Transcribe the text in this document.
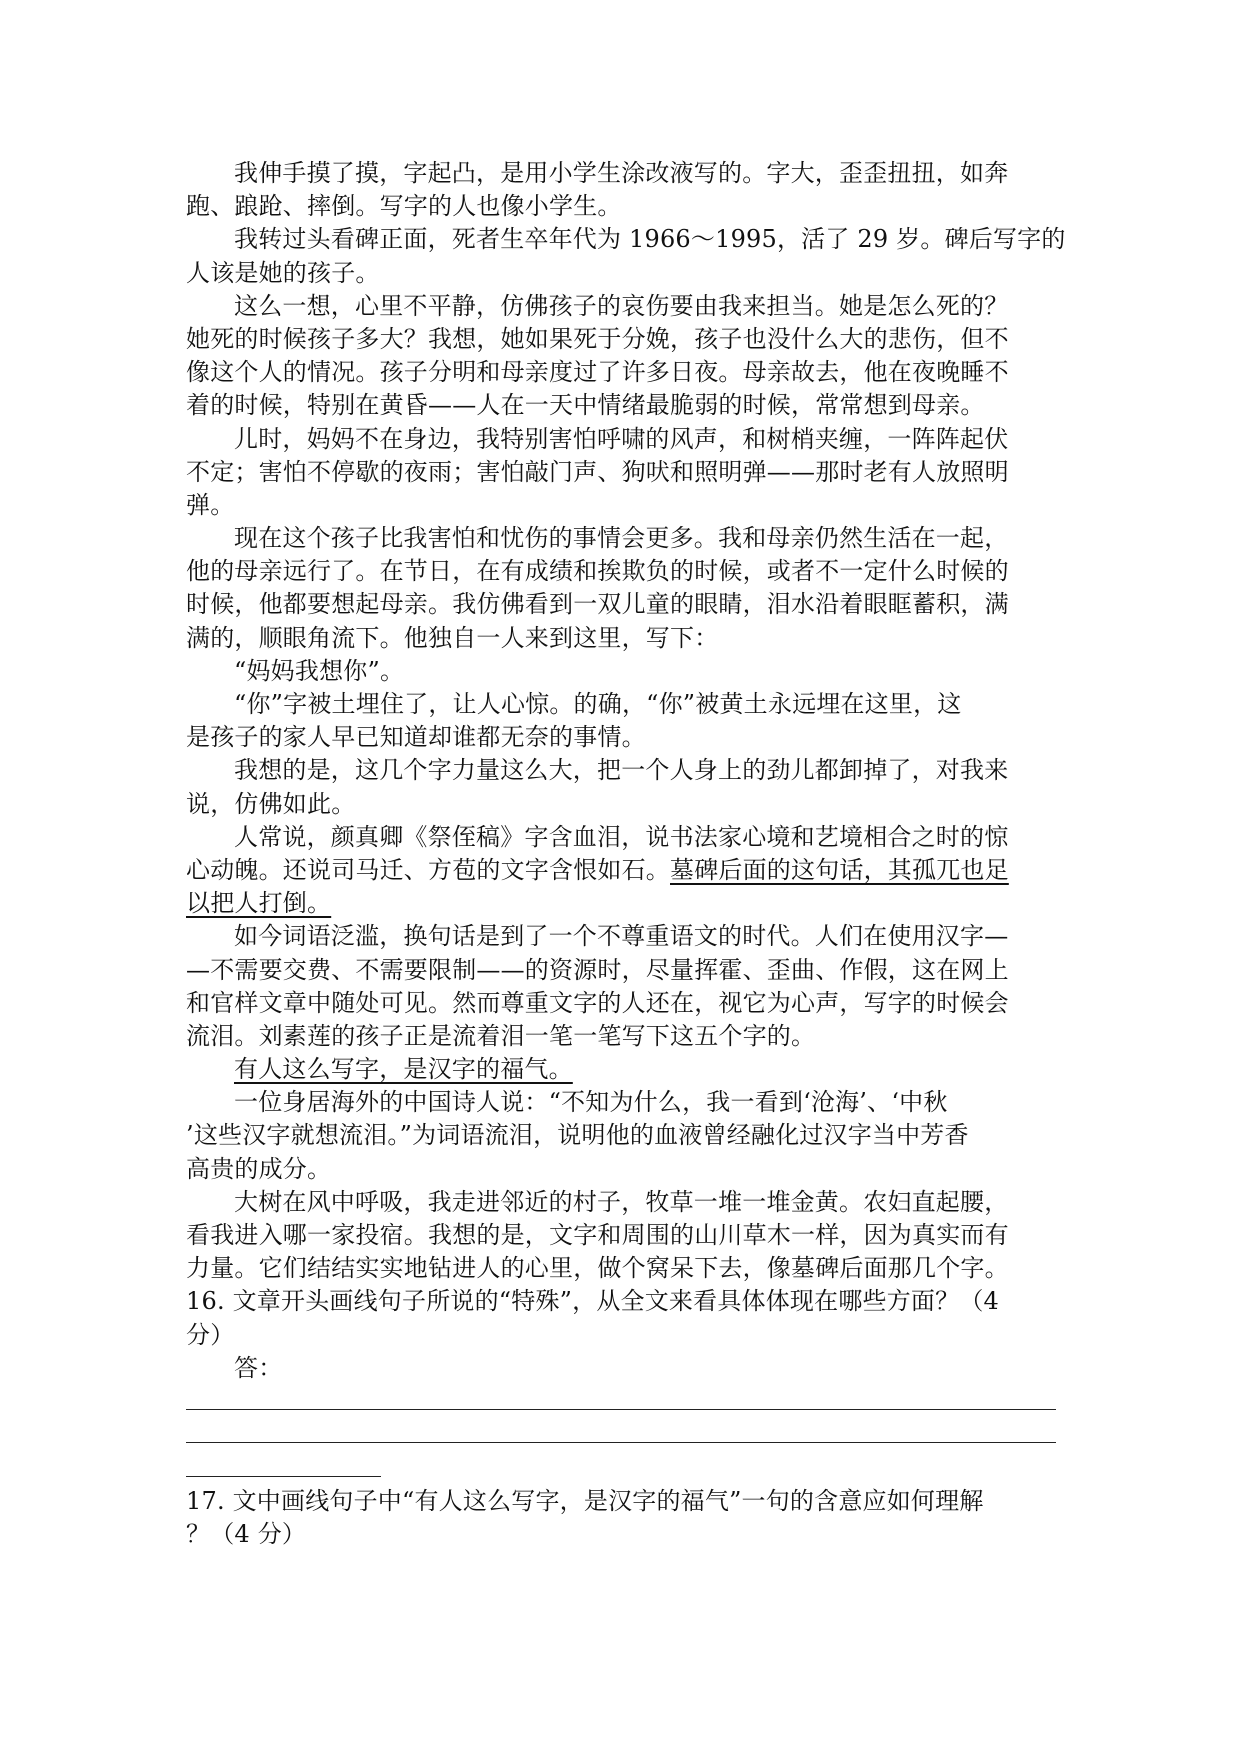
我伸手摸了摸，字起凸，是用小学生涂改液写的。字大，歪歪扭扭，如奔
跑、踉跄、摔倒。写字的人也像小学生。
我转过头看碑正面，死者生卒年代为 1966～1995，活了 29 岁。碑后写字的
人该是她的孩子。
这么一想，心里不平静，仿佛孩子的哀伤要由我来担当。她是怎么死的？
她死的时候孩子多大？我想，她如果死于分娩，孩子也没什么大的悲伤，但不
像这个人的情况。孩子分明和母亲度过了许多日夜。母亲故去，他在夜晚睡不
着的时候，特别在黄昏——人在一天中情绪最脆弱的时候，常常想到母亲。
儿时，妈妈不在身边，我特别害怕呼啸的风声，和树梢夹缠，一阵阵起伏
不定；害怕不停歇的夜雨；害怕敲门声、狗吠和照明弹——那时老有人放照明
弹。
现在这个孩子比我害怕和忧伤的事情会更多。我和母亲仍然生活在一起，
他的母亲远行了。在节日，在有成绩和挨欺负的时候，或者不一定什么时候的
时候，他都要想起母亲。我仿佛看到一双儿童的眼睛，泪水沿着眼眶蓄积，满
满的，顺眼角流下。他独自一人来到这里，写下：
“妈妈我想你”。
“你”字被土埋住了，让人心惊。的确，“你”被黄土永远埋在这里，这
是孩子的家人早已知道却谁都无奈的事情。
我想的是，这几个字力量这么大，把一个人身上的劲儿都卸掉了，对我来
说，仿佛如此。
人常说，颜真卿《祭侄稿》字含血泪，说书法家心境和艺境相合之时的惊
心动魄。还说司马迁、方苞的文字含恨如石。墓碑后面的这句话，其孤兀也足
以把人打倒。
如今词语泛滥，换句话是到了一个不尊重语文的时代。人们在使用汉字—
—不需要交费、不需要限制——的资源时，尽量挥霍、歪曲、作假，这在网上
和官样文章中随处可见。然而尊重文字的人还在，视它为心声，写字的时候会
流泪。刘素莲的孩子正是流着泪一笔一笔写下这五个字的。
有人这么写字，是汉字的福气。
一位身居海外的中国诗人说：“不知为什么，我一看到‘沧海’、‘中秋
’这些汉字就想流泪。”为词语流泪，说明他的血液曾经融化过汉字当中芳香
高贵的成分。
大树在风中呼吸，我走进邻近的村子，牧草一堆一堆金黄。农妇直起腰，
看我进入哪一家投宿。我想的是，文字和周围的山川草木一样，因为真实而有
力量。它们结结实实地钻进人的心里，做个窝呆下去，像墓碑后面那几个字。
16. 文章开头画线句子所说的“特殊”，从全文来看具体体现在哪些方面？（4
分）
答：
17. 文中画线句子中“有人这么写字，是汉字的福气”一句的含意应如何理解
？（4 分）
